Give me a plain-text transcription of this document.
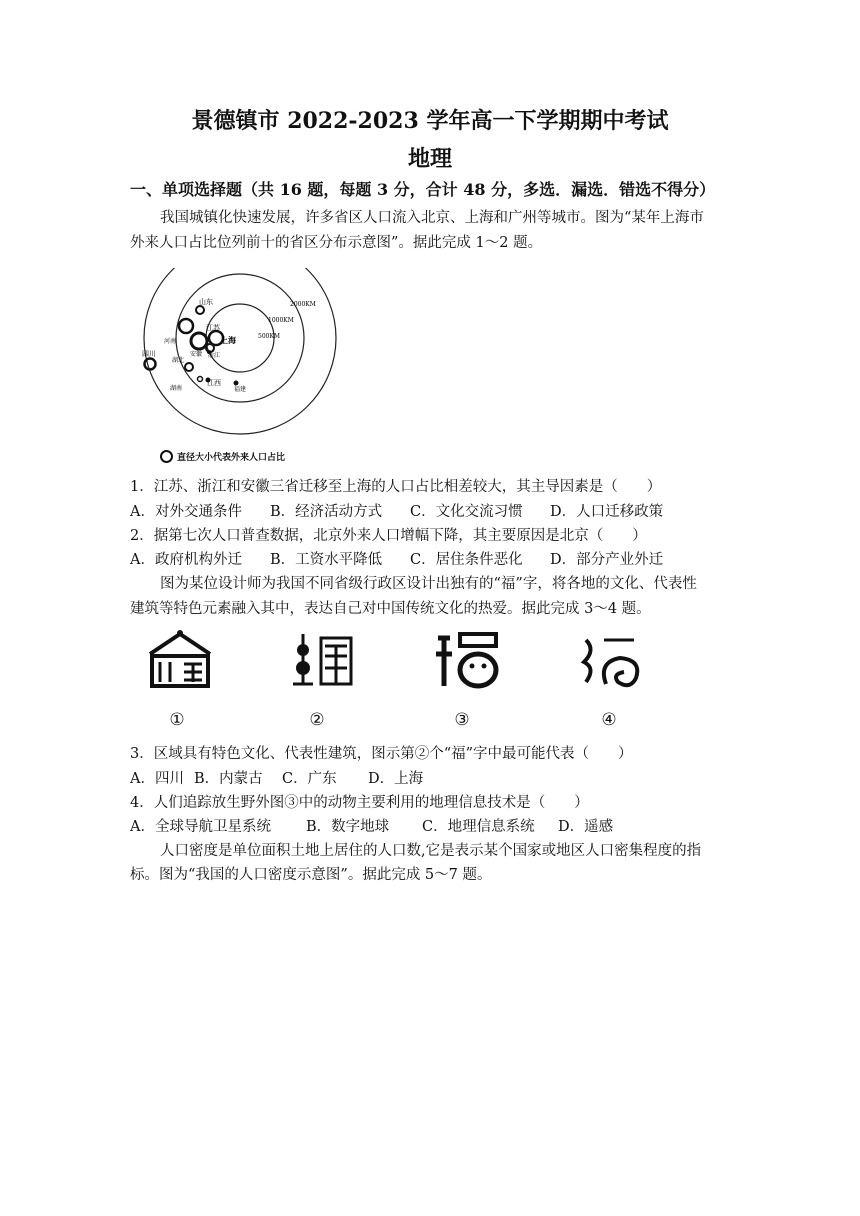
景德镇市 2022-2023 学年高一下学期期中考试
地理
一、单项选择题（共 16 题，每题 3 分，合计 48 分，多选．漏选．错选不得分）
我国城镇化快速发展，许多省区人口流入北京、上海和广州等城市。图为“某年上海市
外来人口占比位列前十的省区分布示意图”。据此完成 1～2 题。
2000KM
1000KM
500KM
山东
江苏
上海
河南
安徽 浙江
湖北
四川
湖南
江西
福建
直径大小代表外来人口占比
1．江苏、浙江和安徽三省迁移至上海的人口占比相差较大，其主导因素是（　　）
A．对外交通条件 B．经济活动方式 C．文化交流习惯 D．人口迁移政策
2．据第七次人口普查数据，北京外来人口增幅下降，其主要原因是北京（　　）
A．政府机构外迁 B．工资水平降低 C．居住条件恶化 D．部分产业外迁
图为某位设计师为我国不同省级行政区设计出独有的“福”字，将各地的文化、代表性
建筑等特色元素融入其中，表达自己对中国传统文化的热爱。据此完成 3～4 题。
①	②	③	④
3．区域具有特色文化、代表性建筑，图示第②个“福”字中最可能代表（　　）
A．四川 B．内蒙古 C．广东 D．上海
4．人们追踪放生野外图③中的动物主要利用的地理信息技术是（　　）
A．全球导航卫星系统 B．数字地球 C．地理信息系统 D．遥感
人口密度是单位面积土地上居住的人口数,它是表示某个国家或地区人口密集程度的指
标。图为“我国的人口密度示意图”。据此完成 5～7 题。
